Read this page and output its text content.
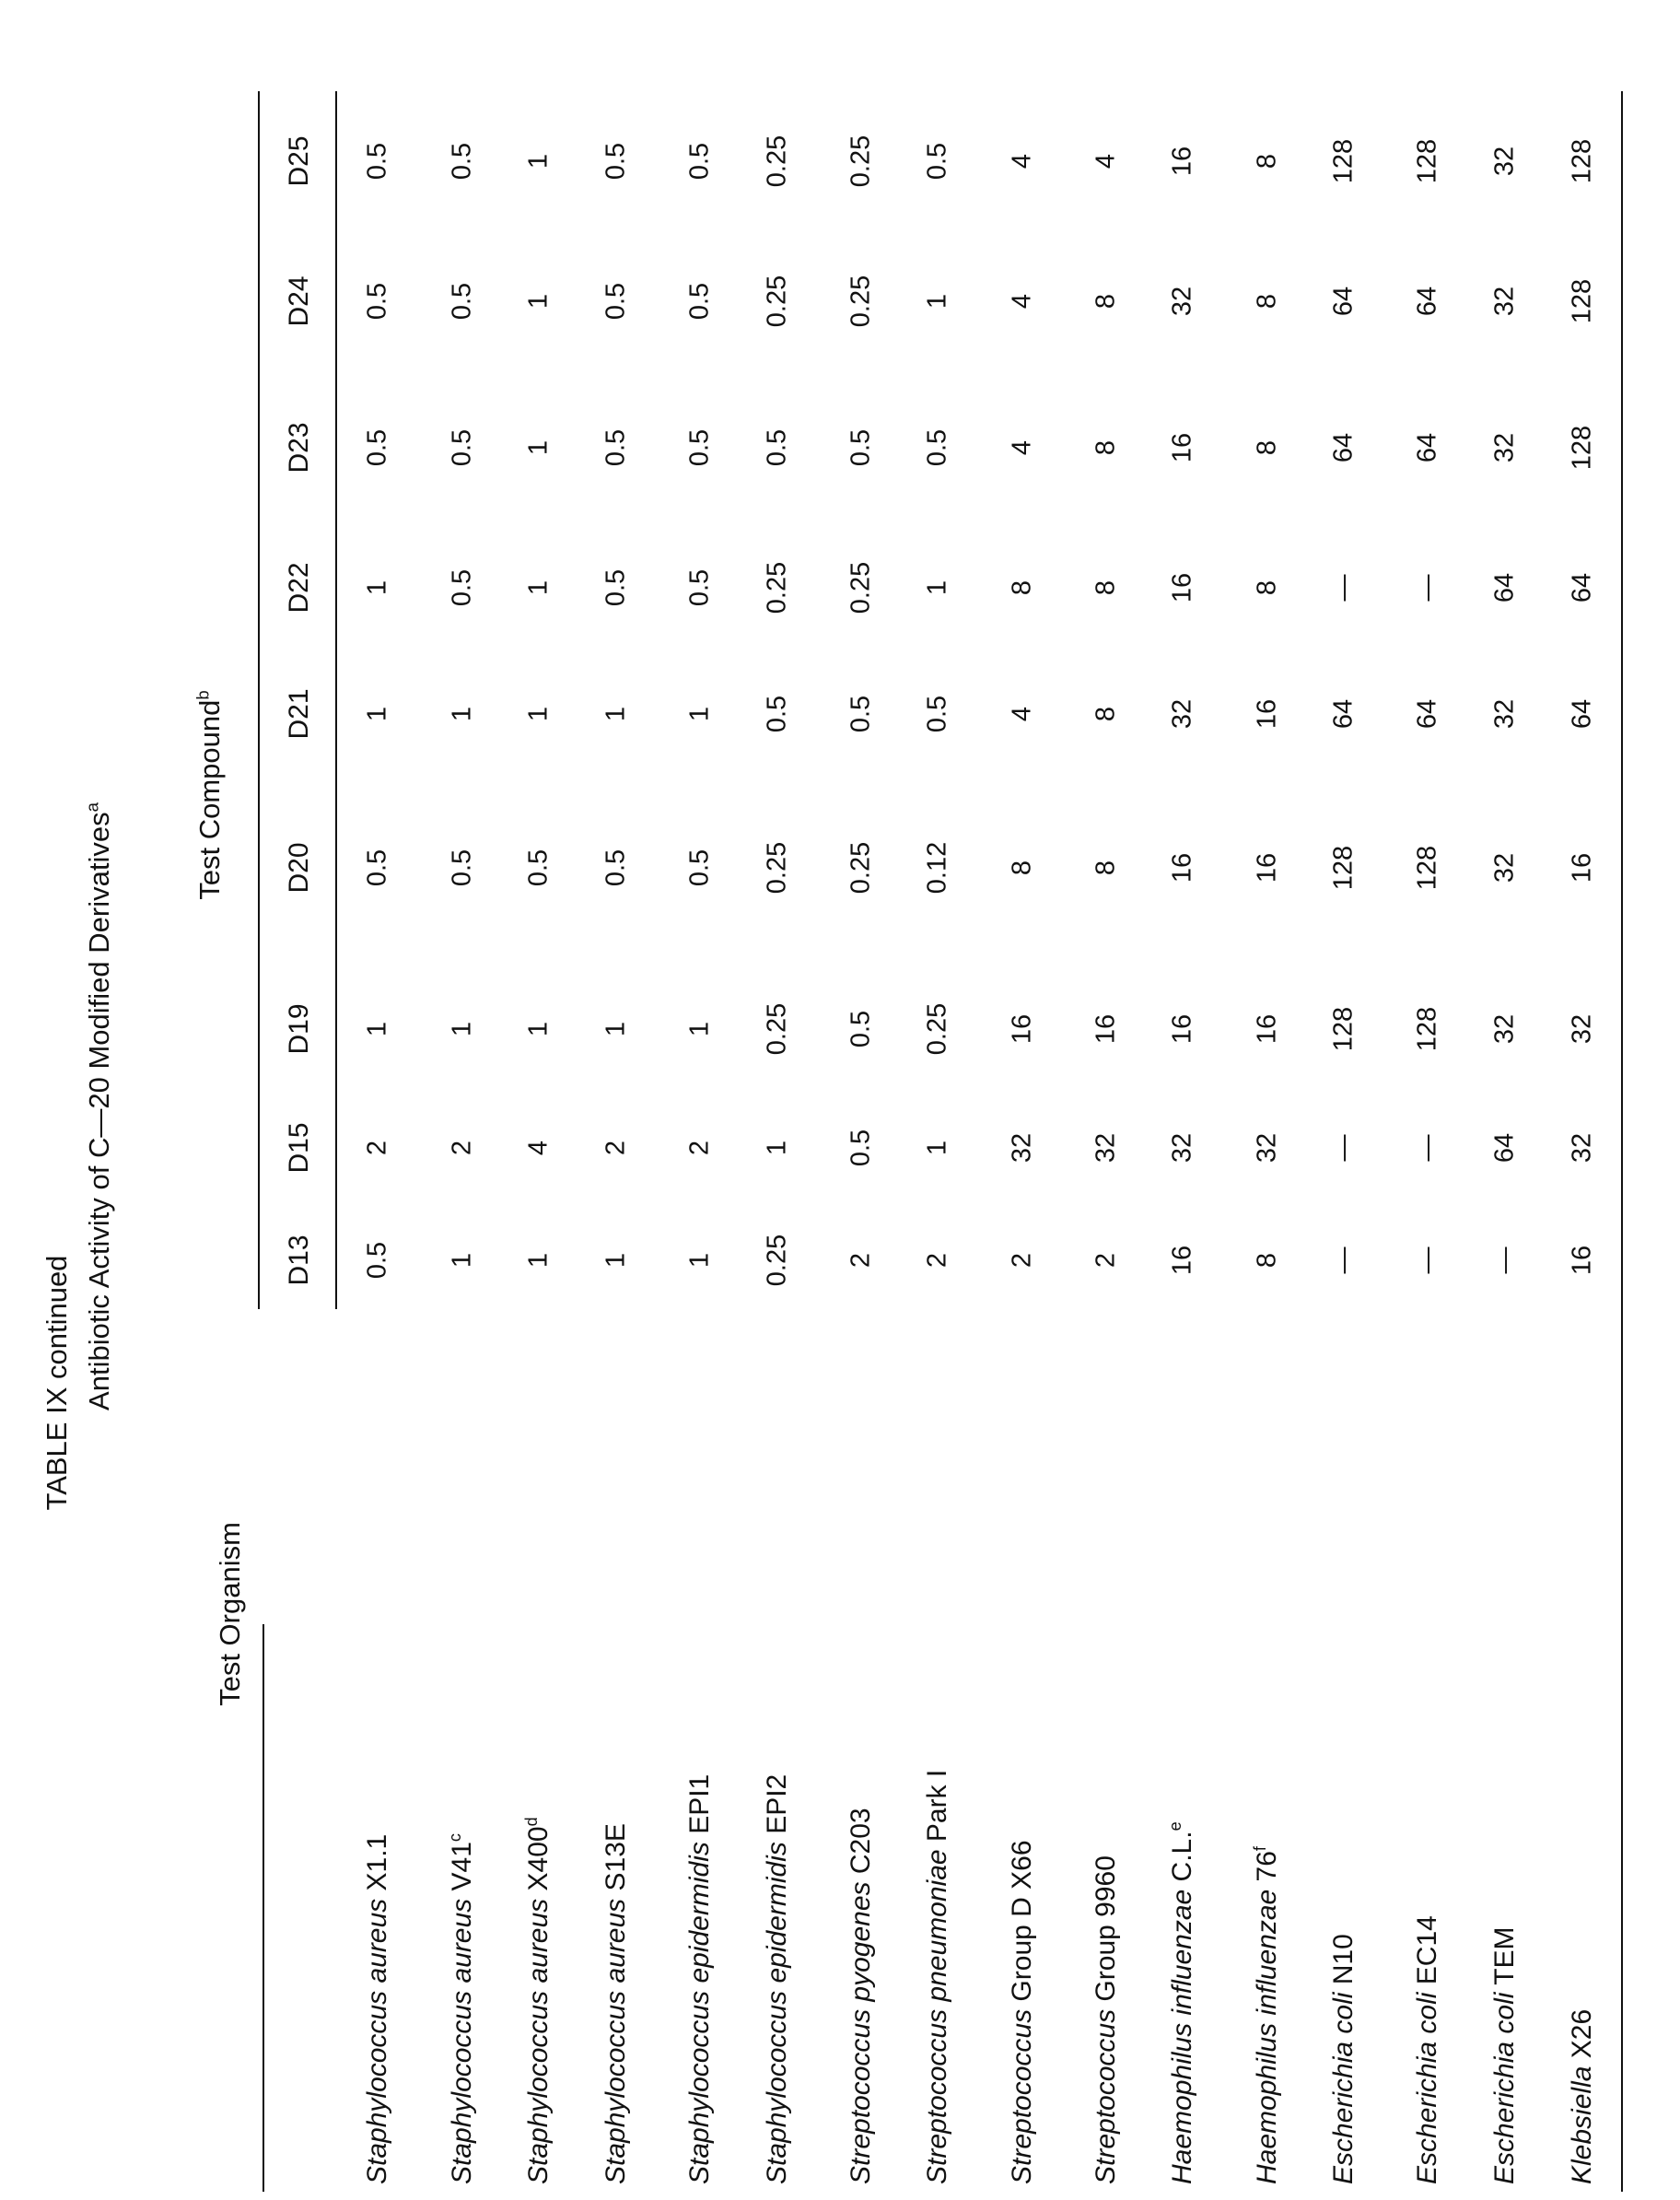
TABLE IX continued Antibiotic Activity of C—20 Modified Derivativesa
Test Organism
Test Compoundb
D13
D15
D19
D20
D21
D22
D23
D24
D25
Staphylococcus aureus X1.1
0.5
2
1
0.5
1
1
0.5
0.5
0.5
Staphylococcus aureus V41c
1
2
1
0.5
1
0.5
0.5
0.5
0.5
Staphylococcus aureus X400d
1
4
1
0.5
1
1
1
1
1
Staphylococcus aureus S13E
1
2
1
0.5
1
0.5
0.5
0.5
0.5
Staphylococcus epidermidis EPI1
1
2
1
0.5
1
0.5
0.5
0.5
0.5
Staphylococcus epidermidis EPI2
0.25
1
0.25
0.25
0.5
0.25
0.5
0.25
0.25
Streptococcus pyogenes C203
2
0.5
0.5
0.25
0.5
0.25
0.5
0.25
0.25
Streptococcus pneumoniae Park I
2
1
0.25
0.12
0.5
1
0.5
1
0.5
Streptococcus Group D X66
2
32
16
8
4
8
4
4
4
Streptococcus Group 9960
2
32
16
8
8
8
8
8
4
Haemophilus influenzae C.L.e
16
32
16
16
32
16
16
32
16
Haemophilus influenzae 76f
8
32
16
16
16
8
8
8
8
Escherichia coli N10
—
—
128
128
64
—
64
64
128
Escherichia coli EC14
—
—
128
128
64
—
64
64
128
Escherichia coli TEM
—
64
32
32
32
64
32
32
32
Klebsiella X26
16
32
32
16
64
64
128
128
128
